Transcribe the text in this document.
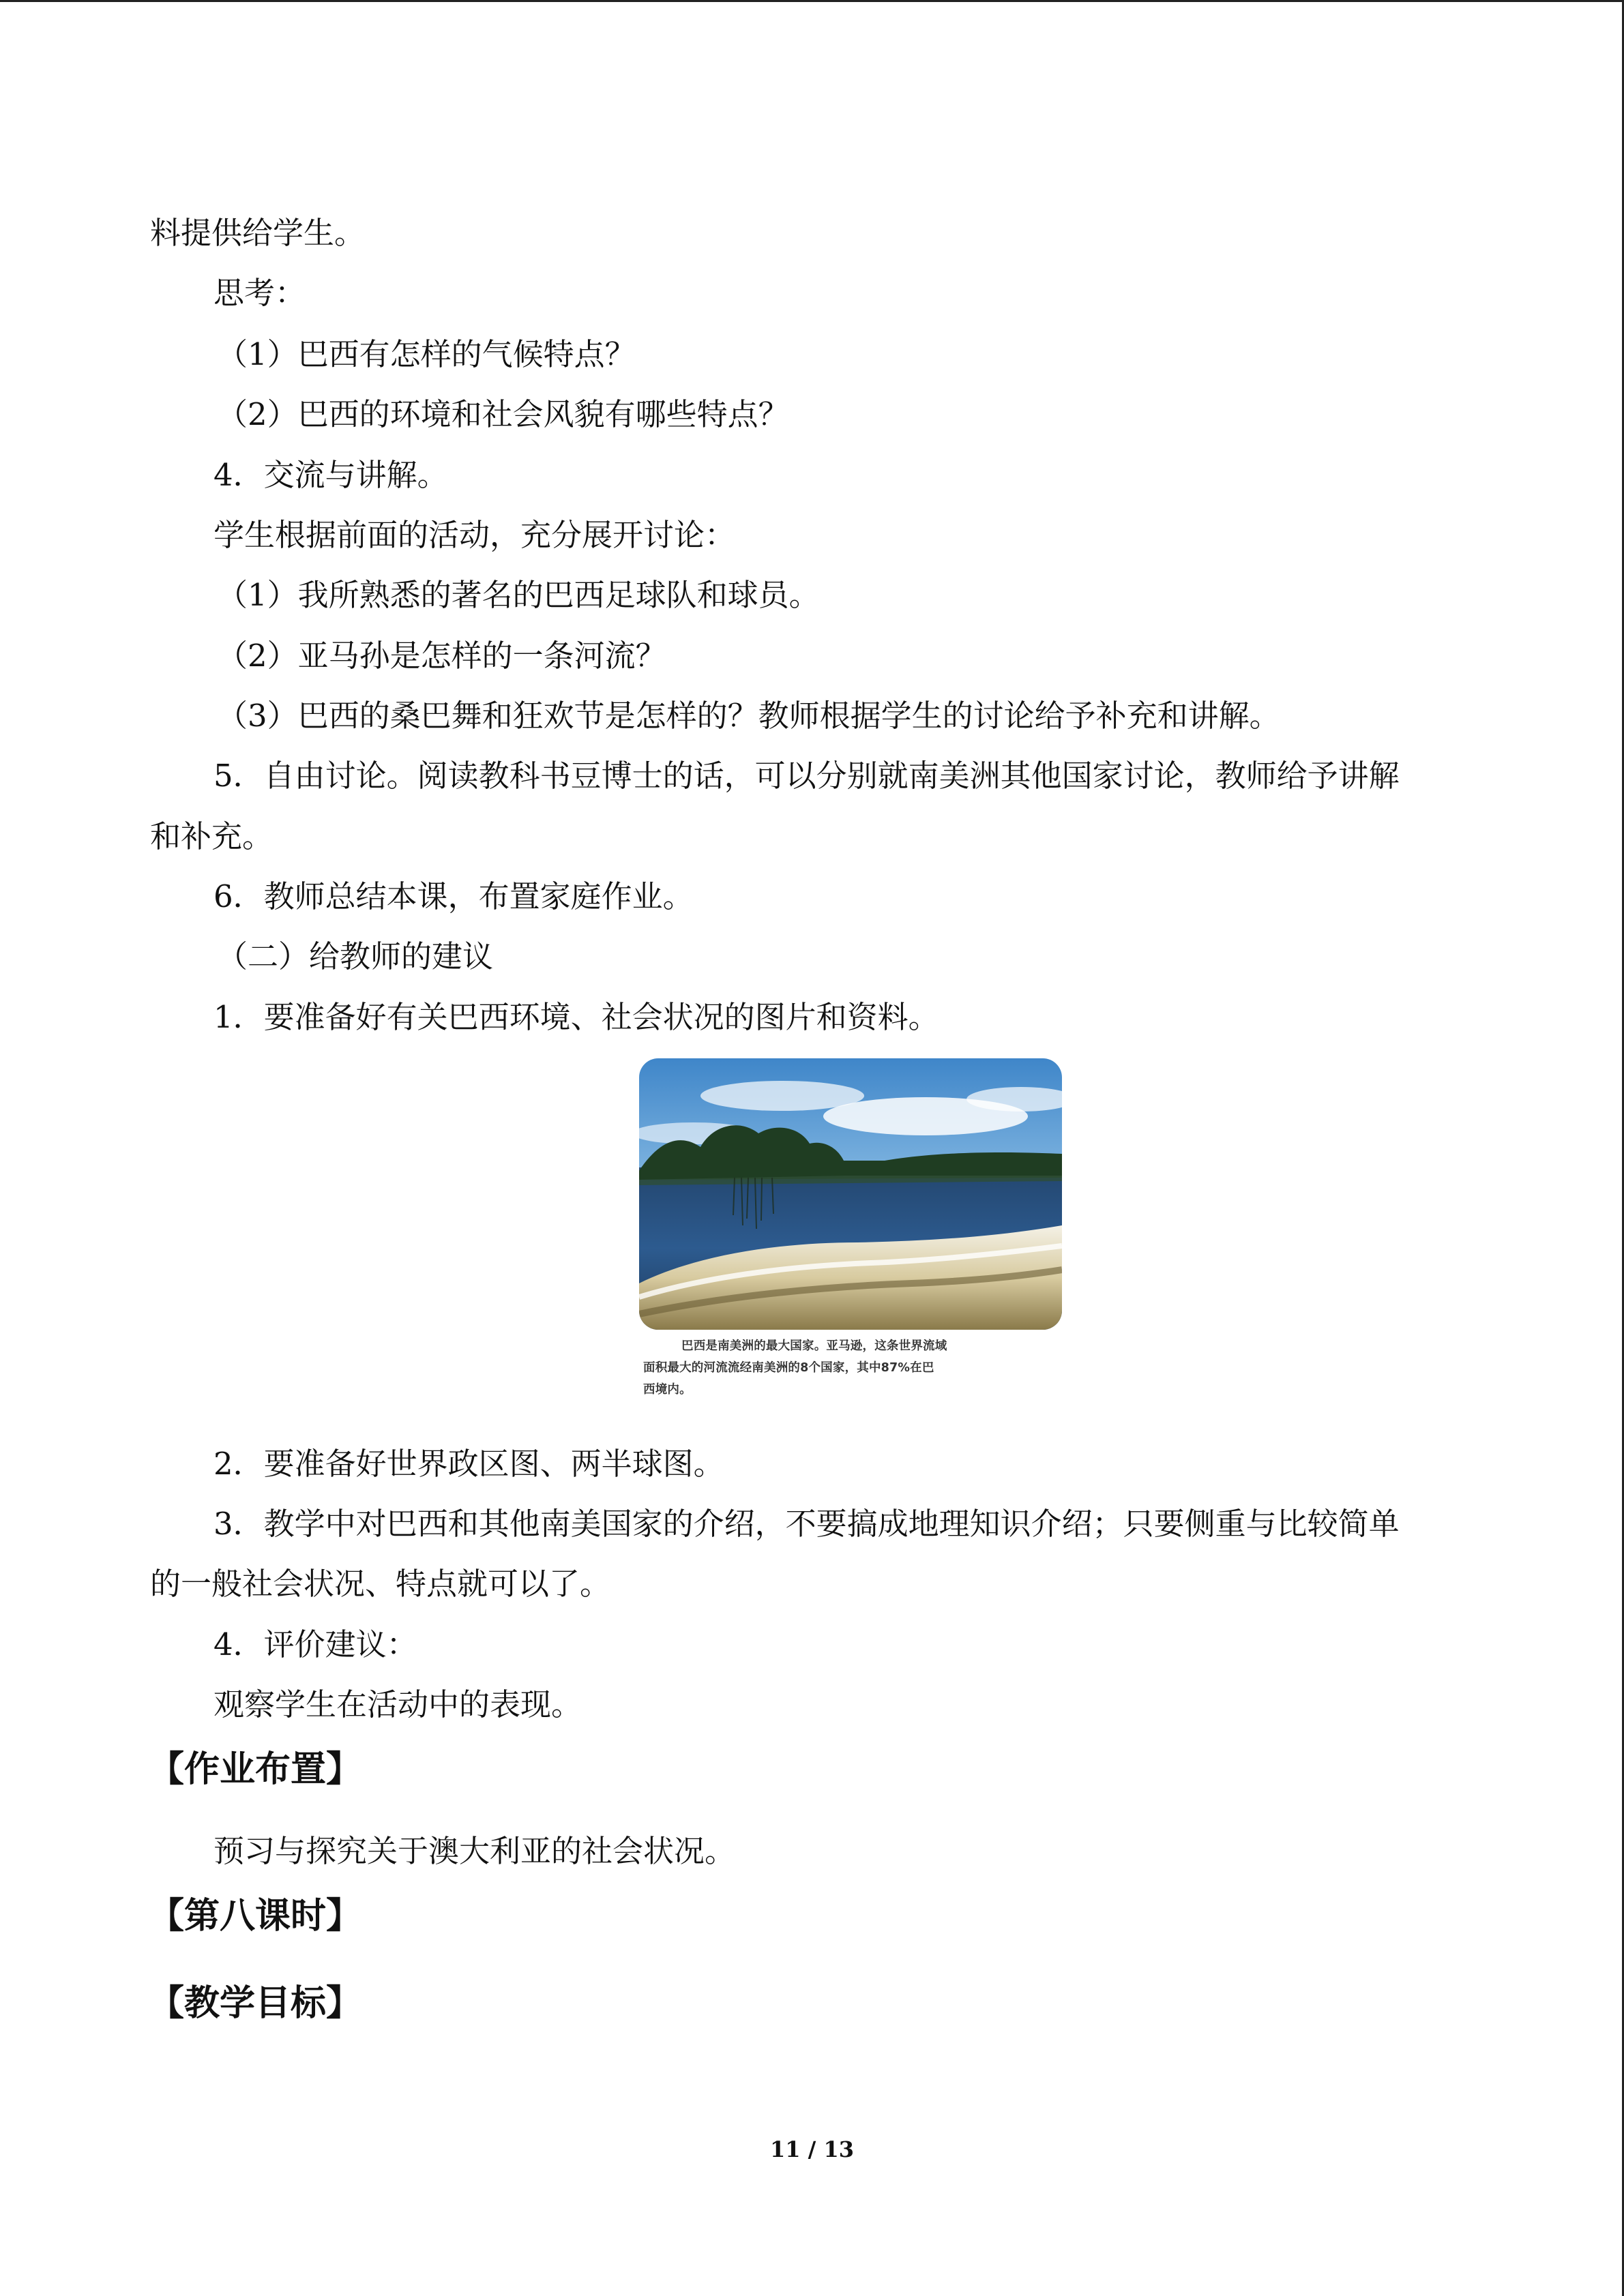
料提供给学生。
思考：
（1）巴西有怎样的气候特点？
（2）巴西的环境和社会风貌有哪些特点？
4．交流与讲解。
学生根据前面的活动，充分展开讨论：
（1）我所熟悉的著名的巴西足球队和球员。
（2）亚马孙是怎样的一条河流？
（3）巴西的桑巴舞和狂欢节是怎样的？教师根据学生的讨论给予补充和讲解。
5．自由讨论。阅读教科书豆博士的话，可以分别就南美洲其他国家讨论，教师给予讲解
和补充。
6．教师总结本课，布置家庭作业。
（二）给教师的建议
1．要准备好有关巴西环境、社会状况的图片和资料。
巴西是南美洲的最大国家。亚马逊，这条世界流域
面积最大的河流流经南美洲的8个国家，其中87%在巴
西境内。
2．要准备好世界政区图、两半球图。
3．教学中对巴西和其他南美国家的介绍，不要搞成地理知识介绍；只要侧重与比较简单
的一般社会状况、特点就可以了。
4．评价建议：
观察学生在活动中的表现。
【作业布置】
预习与探究关于澳大利亚的社会状况。
【第八课时】
【教学目标】
11 / 13
